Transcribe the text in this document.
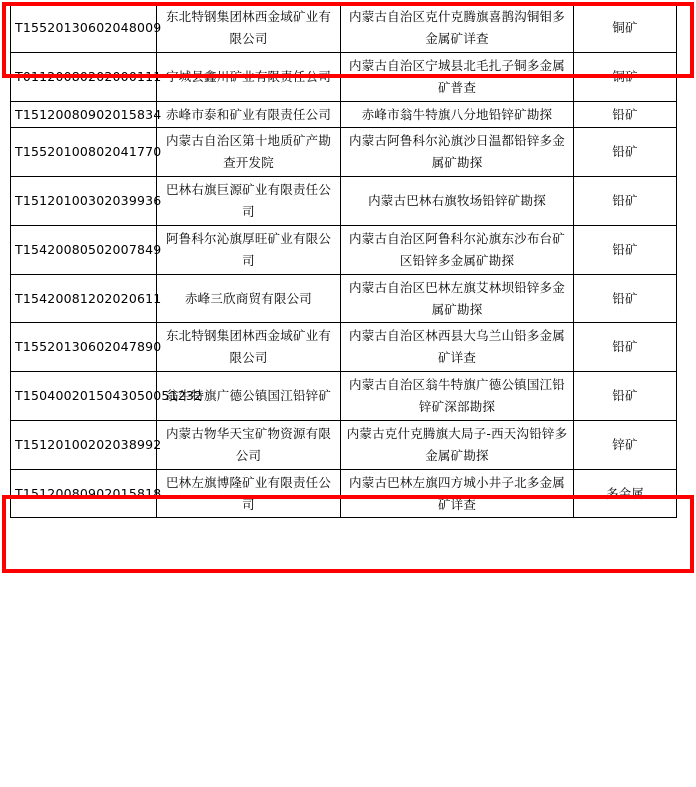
T15520130602048009	东北特钢集团林西金域矿业有限公司	内蒙古自治区克什克腾旗喜鹊沟铜钼多金属矿详查	铜矿
T01120080202000111	宁城县鑫川矿业有限责任公司	内蒙古自治区宁城县北毛扎子铜多金属矿普查	铜矿
T15120080902015834	赤峰市泰和矿业有限责任公司	赤峰市翁牛特旗八分地铅锌矿勘探	铅矿
T15520100802041770	内蒙古自治区第十地质矿产勘查开发院	内蒙古阿鲁科尔沁旗沙日温都铅锌多金属矿勘探	铅矿
T15120100302039936	巴林右旗巨源矿业有限责任公司	内蒙古巴林右旗牧场铅锌矿勘探	铅矿
T15420080502007849	阿鲁科尔沁旗厚旺矿业有限公司	内蒙古自治区阿鲁科尔沁旗东沙布台矿区铅锌多金属矿勘探	铅矿
T15420081202020611	赤峰三欣商贸有限公司	内蒙古自治区巴林左旗艾林坝铅锌多金属矿勘探	铅矿
T15520130602047890	东北特钢集团林西金域矿业有限公司	内蒙古自治区林西县大乌兰山铅多金属矿详查	铅矿
T1504002015043050051232	翁牛特旗广德公镇国江铅锌矿	内蒙古自治区翁牛特旗广德公镇国江铅锌矿深部勘探	铅矿
T15120100202038992	内蒙古物华天宝矿物资源有限公司	内蒙古克什克腾旗大局子-西天沟铅锌多金属矿勘探	锌矿
T15120080902015818	巴林左旗博隆矿业有限责任公司	内蒙古巴林左旗四方城小井子北多金属矿详查	多金属
